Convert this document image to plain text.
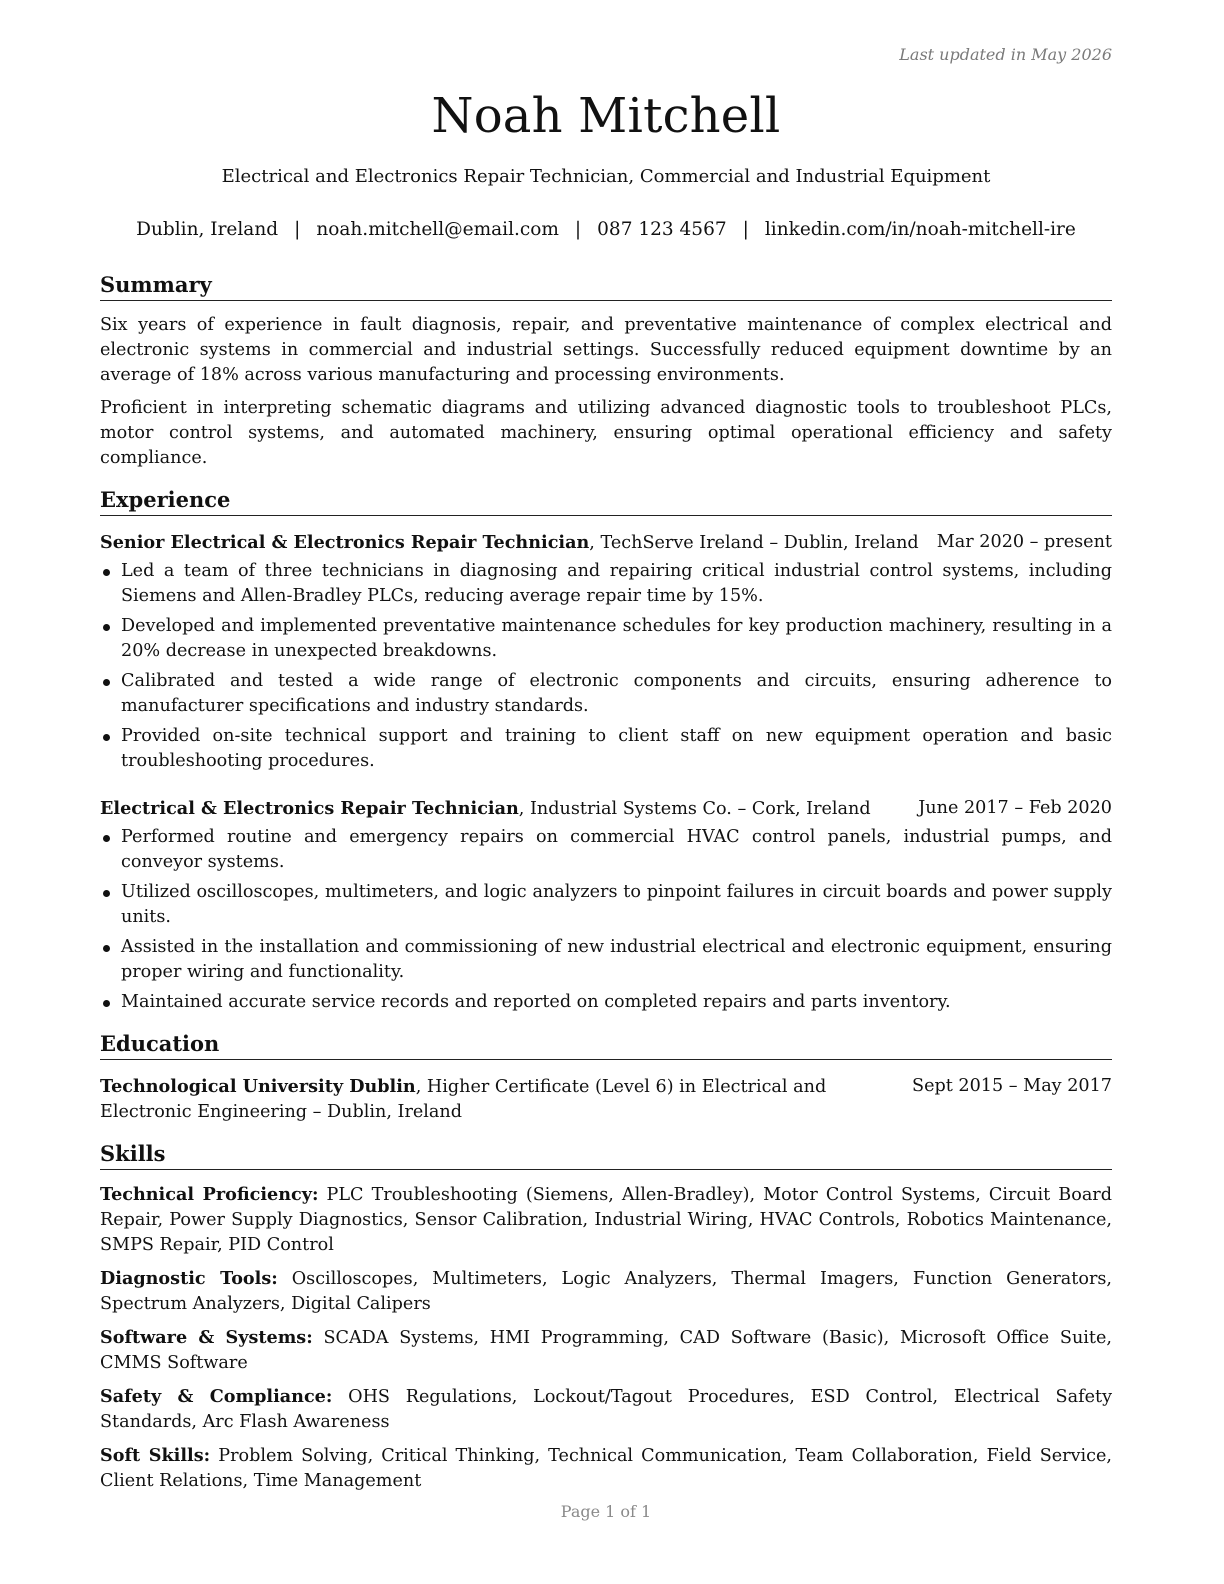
Last updated in May 2026
Noah Mitchell
Electrical and Electronics Repair Technician, Commercial and Industrial Equipment
Dublin, Ireland | noah.mitchell@email.com | 087 123 4567 | linkedin.com/in/noah-mitchell-ire
Summary

Six years of experience in fault diagnosis, repair, and preventative maintenance of complex electrical and electronic systems in commercial and industrial settings. Successfully reduced equipment downtime by an average of 18% across various manufacturing and processing environments.

Proficient in interpreting schematic diagrams and utilizing advanced diagnostic tools to troubleshoot PLCs, motor control systems, and automated machinery, ensuring optimal operational efficiency and safety compliance.

Experience
Senior Electrical & Electronics Repair Technician, TechServe Ireland – Dublin, Ireland Mar 2020 – present
Led a team of three technicians in diagnosing and repairing critical industrial control systems, including Siemens and Allen-Bradley PLCs, reducing average repair time by 15%.
Developed and implemented preventative maintenance schedules for key production machinery, resulting in a 20% decrease in unexpected breakdowns.
Calibrated and tested a wide range of electronic components and circuits, ensuring adherence to manufacturer specifications and industry standards.
Provided on-site technical support and training to client staff on new equipment operation and basic troubleshooting procedures.
Electrical & Electronics Repair Technician, Industrial Systems Co. – Cork, Ireland	June 2017 – Feb 2020
Performed routine and emergency repairs on commercial HVAC control panels, industrial pumps, and conveyor systems.
Utilized oscilloscopes, multimeters, and logic analyzers to pinpoint failures in circuit boards and power supply units.
Assisted in the installation and commissioning of new industrial electrical and electronic equipment, ensuring proper wiring and functionality.
Maintained accurate service records and reported on completed repairs and parts inventory.
Education
Technological University Dublin, Higher Certificate (Level 6) in Electrical and Electronic Engineering – Dublin, Ireland
Sept 2015 – May 2017
Skills

Technical Proficiency: PLC Troubleshooting (Siemens, Allen-Bradley), Motor Control Systems, Circuit Board Repair, Power Supply Diagnostics, Sensor Calibration, Industrial Wiring, HVAC Controls, Robotics Maintenance, SMPS Repair, PID Control

Diagnostic Tools: Oscilloscopes, Multimeters, Logic Analyzers, Thermal Imagers, Function Generators, Spectrum Analyzers, Digital Calipers

Software & Systems: SCADA Systems, HMI Programming, CAD Software (Basic), Microsoft Office Suite, CMMS Software

Safety & Compliance: OHS Regulations, Lockout/Tagout Procedures, ESD Control, Electrical Safety Standards, Arc Flash Awareness

Soft Skills: Problem Solving, Critical Thinking, Technical Communication, Team Collaboration, Field Service, Client Relations, Time Management

Page 1 of 1
